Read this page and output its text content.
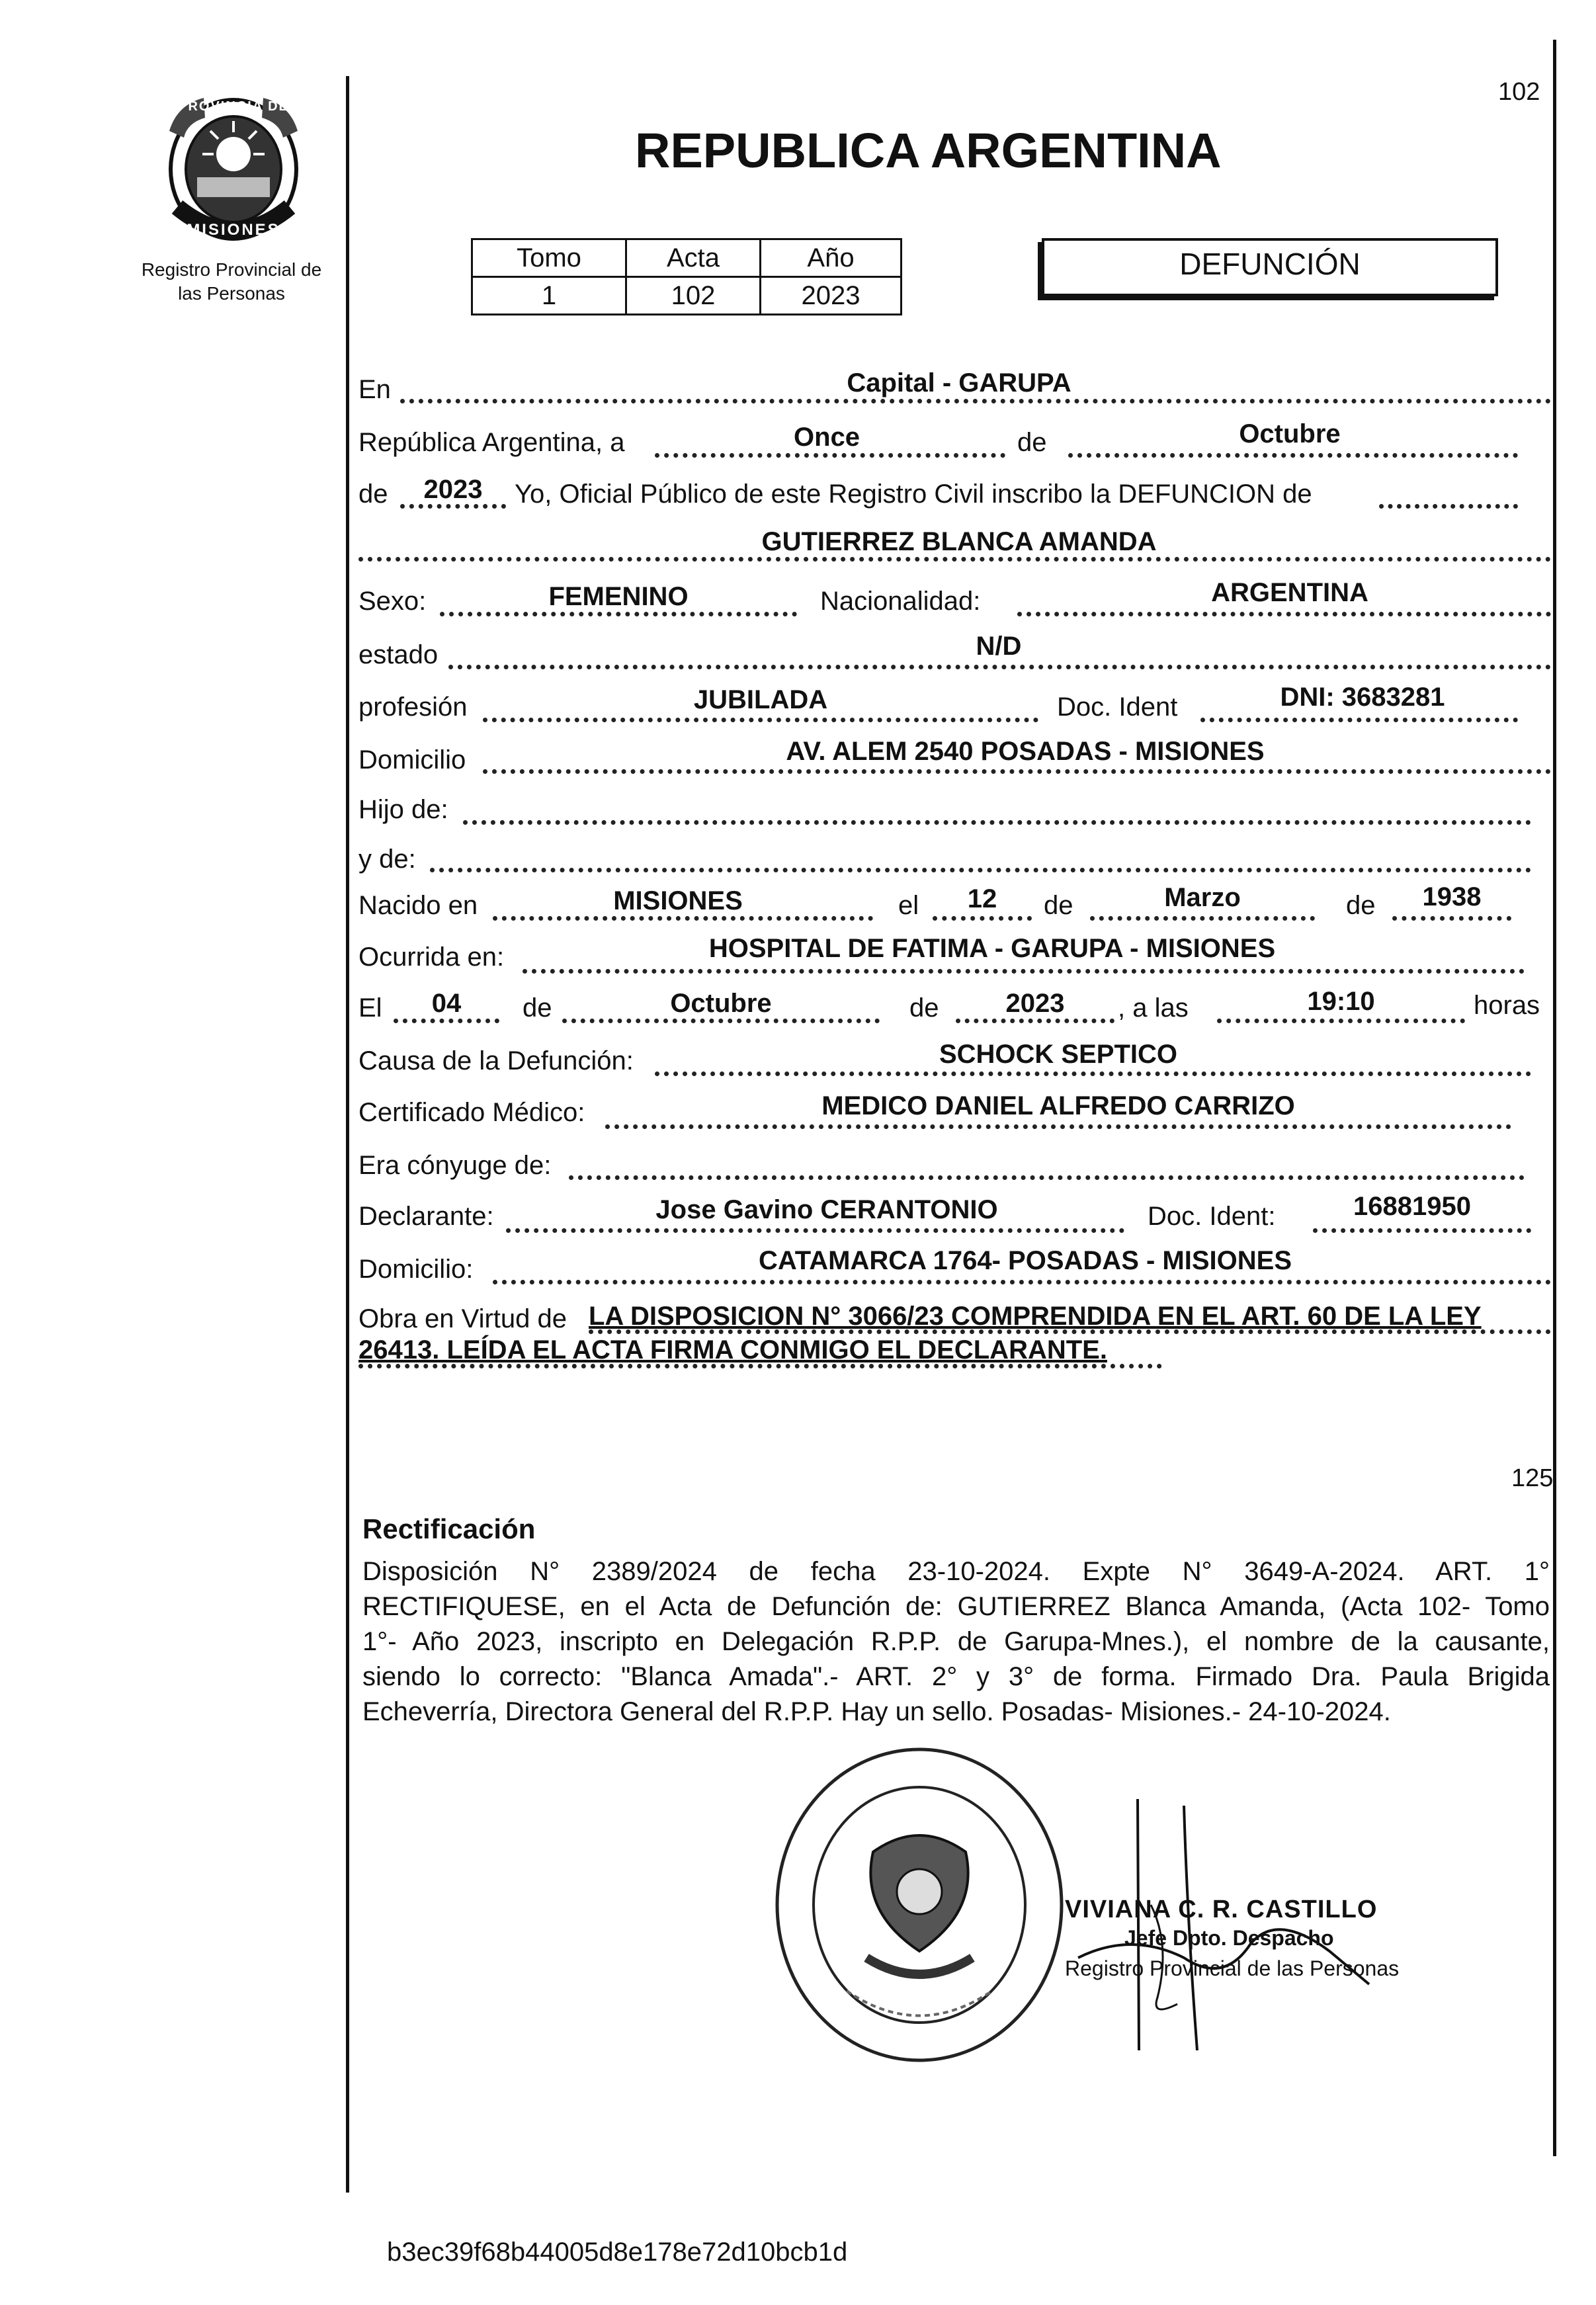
PROVINCIA DE
MISIONES
Registro Provincial de
las Personas
102
REPUBLICA ARGENTINA
Tomo	Acta	Año
1	102	2023
DEFUNCIÓN
En	Capital - GARUPA
República Argentina, a	Once	de	Octubre
de	2023	Yo, Oficial Público de este Registro Civil inscribo la DEFUNCION de
GUTIERREZ BLANCA AMANDA
Sexo:	FEMENINO	Nacionalidad:	ARGENTINA
estado	N/D
profesión	JUBILADA	Doc. Ident	DNI: 3683281
Domicilio	AV. ALEM 2540 POSADAS - MISIONES
Hijo de:
y de:
Nacido en	MISIONES	el	12	de	Marzo	de	1938
Ocurrida en:	HOSPITAL DE FATIMA - GARUPA - MISIONES
El	04	de	Octubre	de	2023	, a las	19:10	horas
Causa de la Defunción:	SCHOCK SEPTICO
Certificado Médico:	MEDICO DANIEL ALFREDO CARRIZO
Era cónyuge de:
Declarante:	Jose Gavino CERANTONIO	Doc. Ident:	16881950
Domicilio:	CATAMARCA 1764- POSADAS - MISIONES
Obra en Virtud de LA DISPOSICION N° 3066/23 COMPRENDIDA EN EL ART. 60 DE LA LEY
26413. LEÍDA EL ACTA FIRMA CONMIGO EL DECLARANTE.
125
Rectificación
Disposición N° 2389/2024 de fecha 23-10-2024. Expte N° 3649-A-2024. ART. 1°
RECTIFIQUESE, en el Acta de Defunción de: GUTIERREZ Blanca Amanda, (Acta 102- Tomo
1°- Año 2023, inscripto en Delegación R.P.P. de Garupa-Mnes.), el nombre de la causante,
siendo lo correcto: "Blanca Amada".- ART. 2° y 3° de forma. Firmado Dra. Paula Brigida
Echeverría, Directora General del R.P.P. Hay un sello. Posadas- Misiones.- 24-10-2024.
VIVIANA C. R. CASTILLO
Jefe Dpto. Despacho
Registro Provincial de las Personas
b3ec39f68b44005d8e178e72d10bcb1d
